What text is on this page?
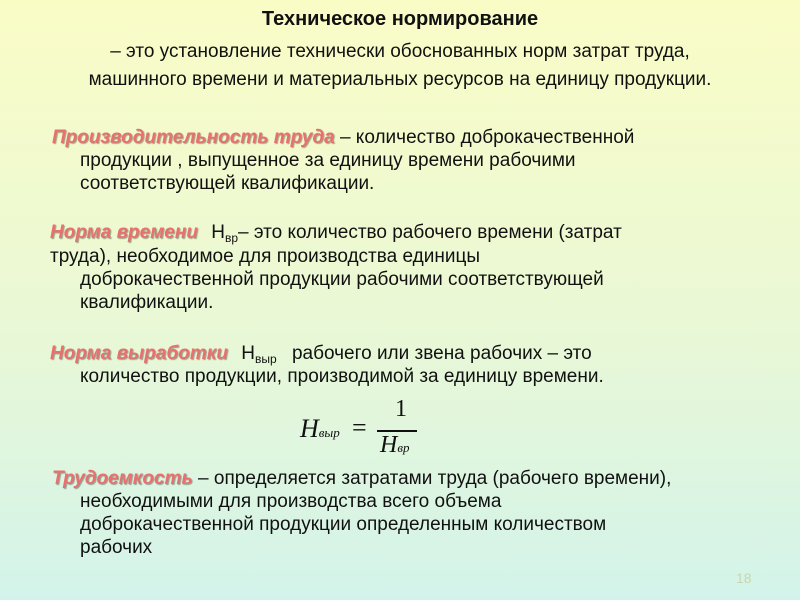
Техническое нормирование
– это установление технически обоснованных норм затрат труда,
машинного времени и материальных ресурсов на единицу продукции.
Производительность труда – количество доброкачественной
продукции , выпущенное за единицу времени рабочими
соответствующей квалификации.
Норма времени $Н_{вр}-$ это количество рабочего времени (затрат
труда), необходимое для производства единицы
доброкачественной продукции рабочими соответствующей
квалификации.
Норма выработки $Н_{выр}$ рабочего или звена рабочих – это
количество продукции, производимой за единицу времени.
Hвыр =
1
Hвр
Трудоемкость – определяется затратами труда (рабочего времени),
необходимыми для производства всего объема
доброкачественной продукции определенным количеством
рабочих
18
